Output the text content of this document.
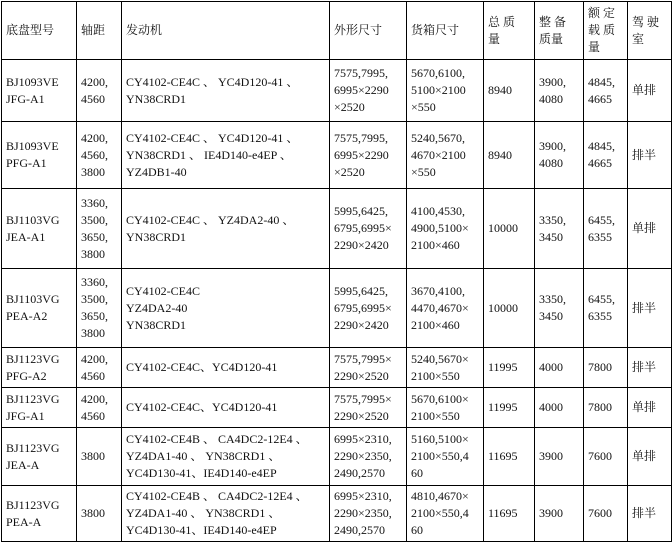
底盘型号	轴距	发动机	外形尺寸	货箱尺寸	总 质
量	整 备
质量	额 定
载 质
量	驾 驶
室
BJ1093VE
JFG-A1	4200,
4560	CY4102-CE4C 、 YC4D120-41 、
YN38CRD1	7575,7995,
6995×2290
×2520	5670,6100,
5100×2100
×550	8940	3900,
4080	4845,
4665	单排
BJ1093VE
PFG-A1	4200,
4560,
3800	CY4102-CE4C 、 YC4D120-41 、
YN38CRD1 、 IE4D140-e4EP 、
YZ4DB1-40	7575,7995,
6995×2290
×2520	5240,5670,
4670×2100
×550	8940	3900,
4080	4845,
4665	排半
BJ1103VG
JEA-A1	3360,
3500,
3650,
3800	CY4102-CE4C 、 YZ4DA2-40 、
YN38CRD1	5995,6425,
6795,6995×
2290×2420	4100,4530,
4900,5100×
2100×460	10000	3350,
3450	6455,
6355	单排
BJ1103VG
PEA-A2	3360,
3500,
3650,
3800	CY4102-CE4C
YZ4DA2-40
YN38CRD1	5995,6425,
6795,6995×
2290×2420	3670,4100,
4470,4670×
2100×460	10000	3350,
3450	6455,
6355	排半
BJ1123VG
PFG-A2	4200,
4560	CY4102-CE4C、YC4D120-41	7575,7995×
2290×2520	5240,5670×
2100×550	11995	4000	7800	排半
BJ1123VG
JFG-A1	4200,
4560	CY4102-CE4C、YC4D120-41	7575,7995×
2290×2520	5670,6100×
2100×550	11995	4000	7800	单排
BJ1123VG
JEA-A	3800	CY4102-CE4B 、 CA4DC2-12E4 、
YZ4DA1-40 、 YN38CRD1 、
YC4D130-41、IE4D140-e4EP	6995×2310,
2290×2350,
2490,2570	5160,5100×
2100×550,4
60	11695	3900	7600	单排
BJ1123VG
PEA-A	3800	CY4102-CE4B 、 CA4DC2-12E4 、
YZ4DA1-40 、 YN38CRD1 、
YC4D130-41、IE4D140-e4EP	6995×2310,
2290×2350,
2490,2570	4810,4670×
2100×550,4
60	11695	3900	7600	排半
